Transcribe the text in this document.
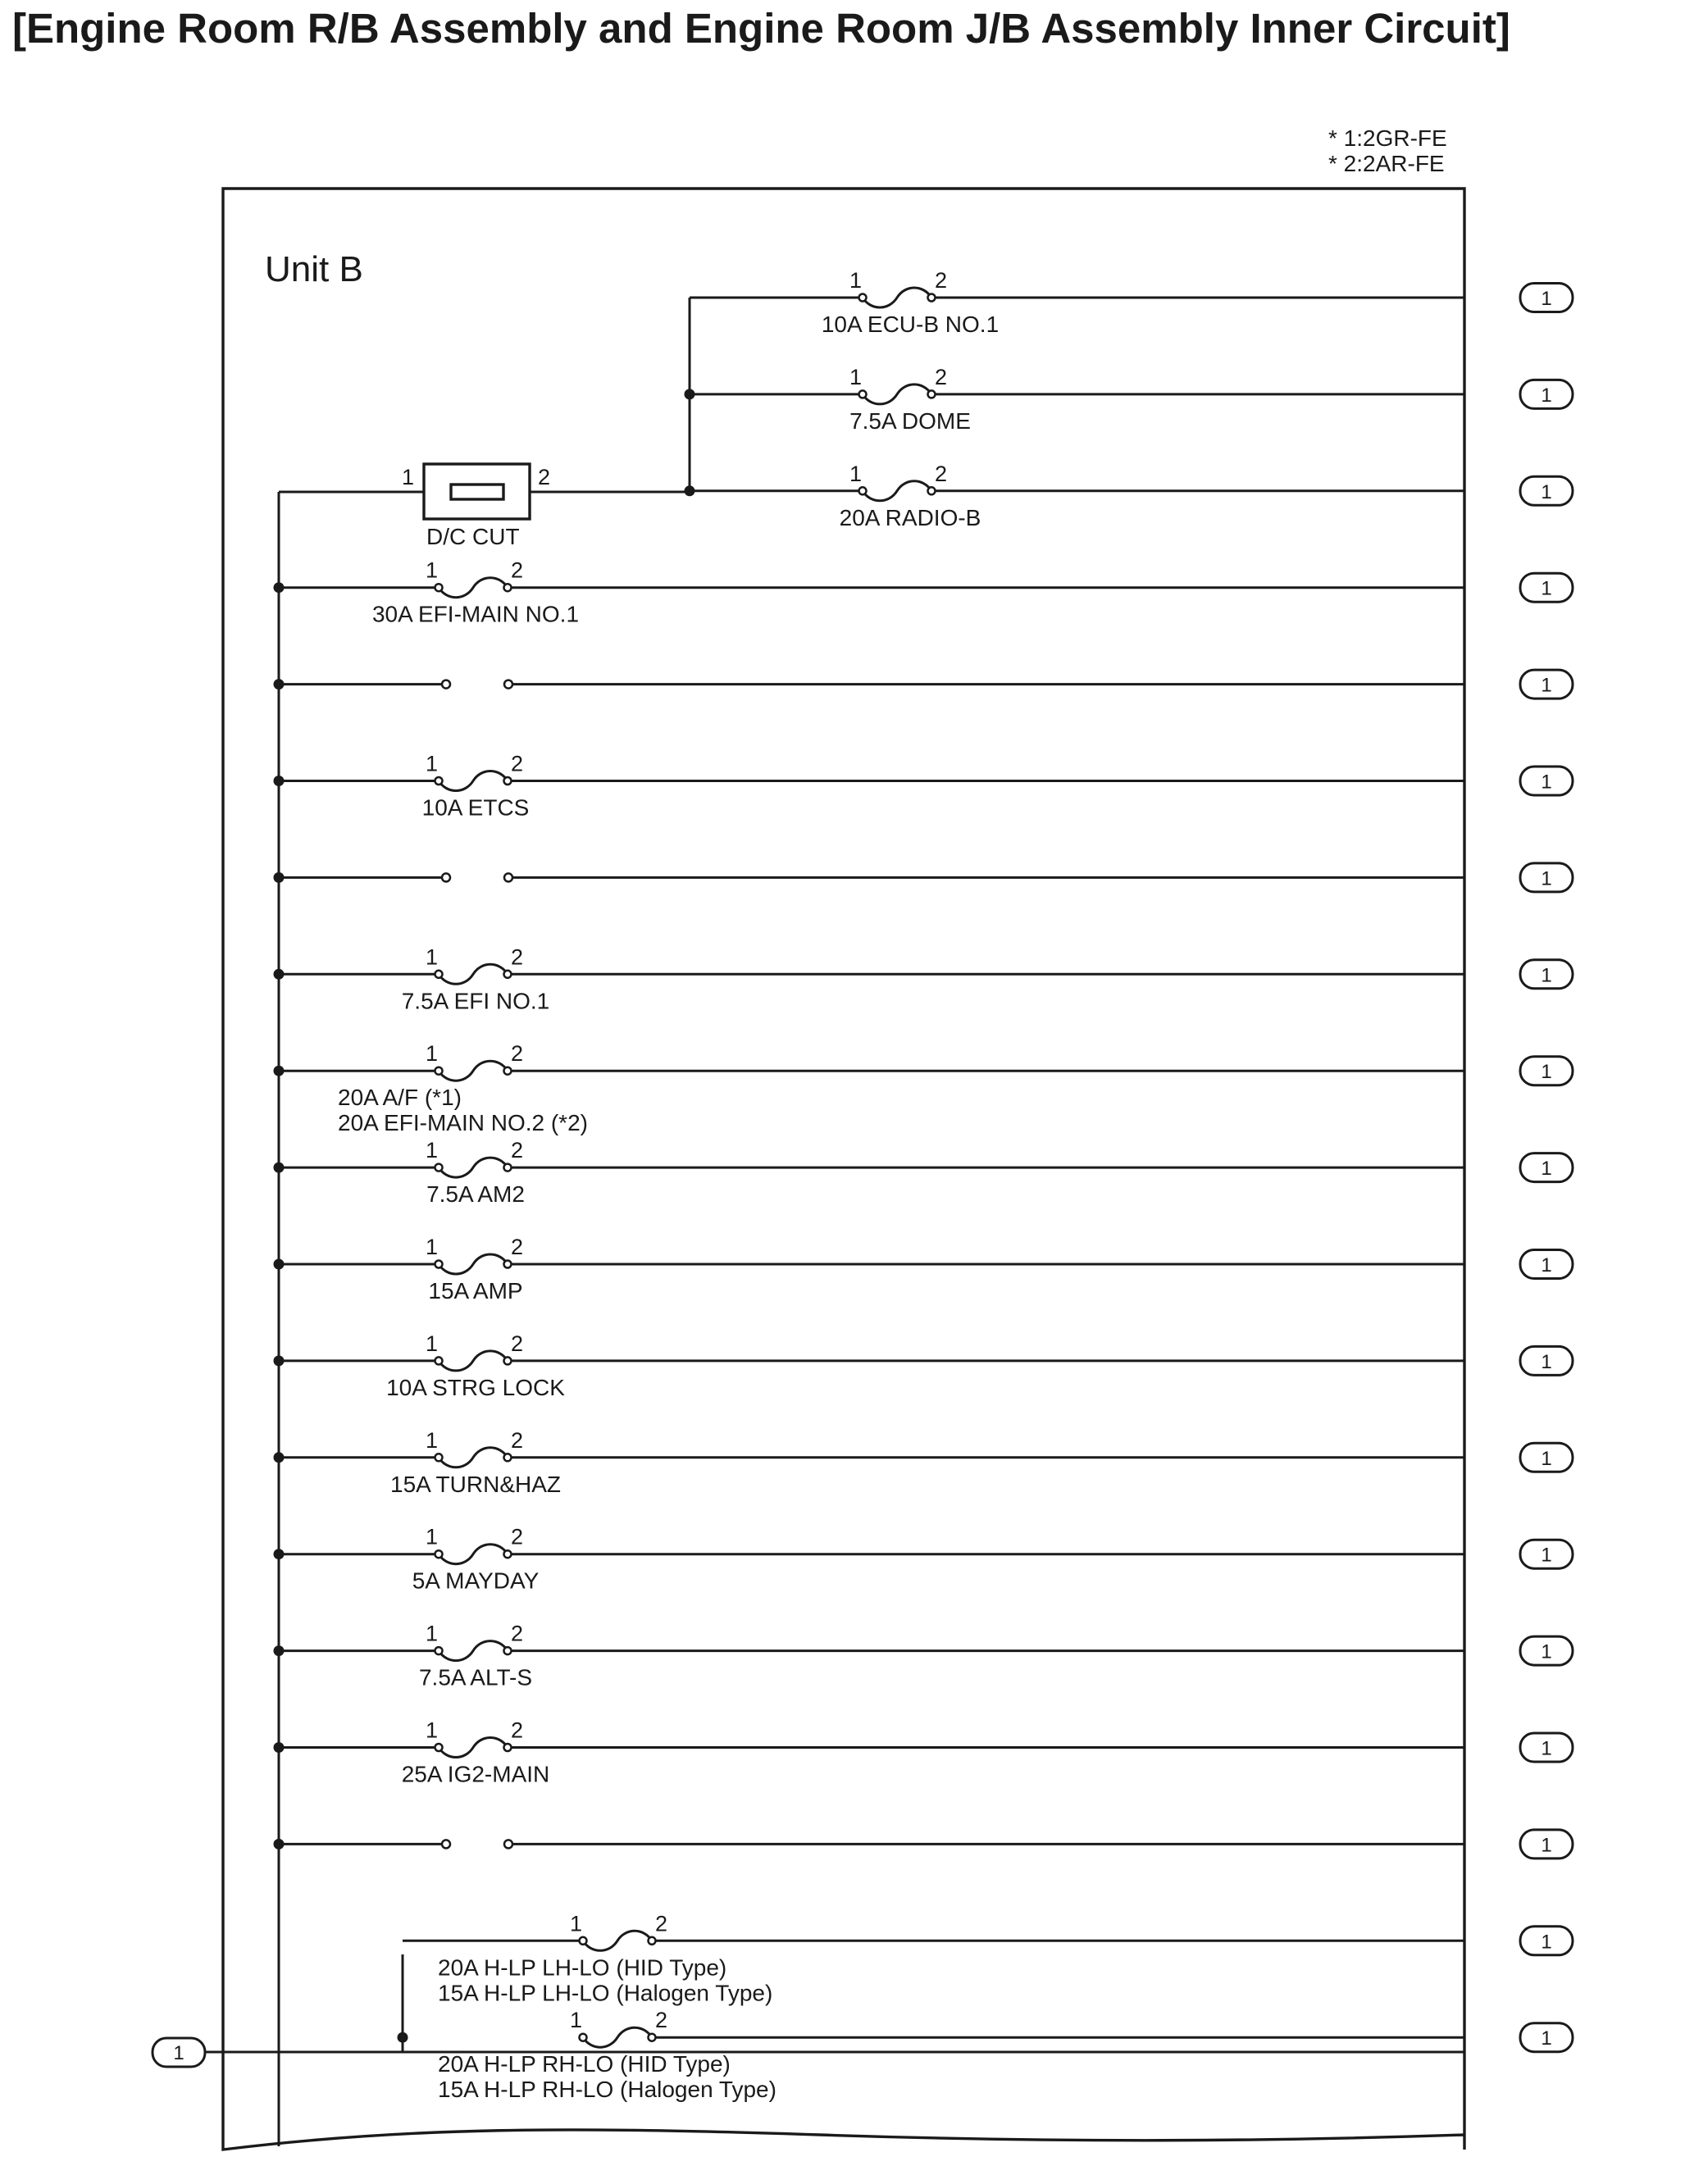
[Engine Room R/B Assembly and Engine Room J/B Assembly Inner Circuit]
* 1:2GR-FE
* 2:2AR-FE
Unit B
1	2
D/C CUT
1
1	2
10A ECU-B NO.1
1
1	2
7.5A DOME
1
1	2
20A RADIO-B
1
1	2
30A EFI-MAIN NO.1
1
1
1	2
10A ETCS
1
1
1	2
7.5A EFI NO.1
1
1	2
20A A/F (*1)
20A EFI-MAIN NO.2 (*2)
1
1	2
7.5A AM2
1
1	2
15A AMP
1
1	2
10A STRG LOCK
1
1	2
15A TURN&HAZ
1
1	2
5A MAYDAY
1
1	2
7.5A ALT-S
1
1	2
25A IG2-MAIN
1
1
1	2
20A H-LP LH-LO (HID Type)
15A H-LP LH-LO (Halogen Type)
1
1	2
20A H-LP RH-LO (HID Type)
15A H-LP RH-LO (Halogen Type)
1
